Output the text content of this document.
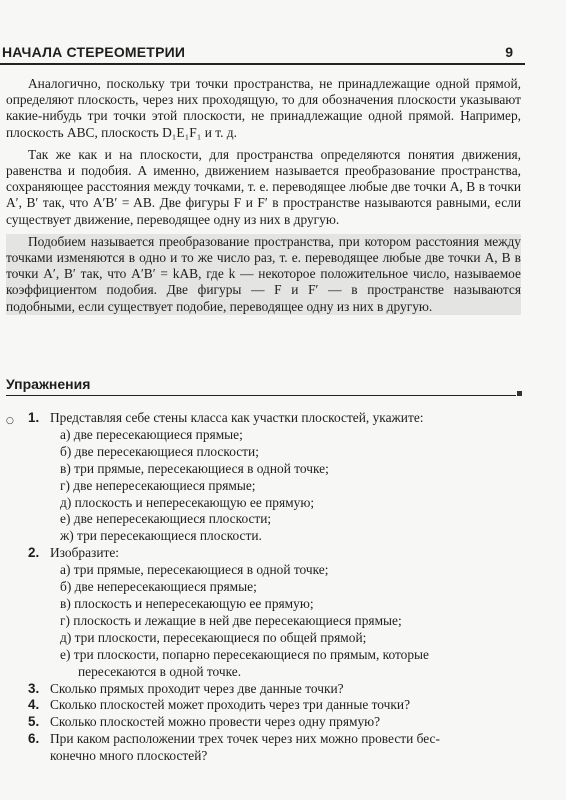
НАЧАЛА СТЕРЕОМЕТРИИ	9

Аналогично, поскольку три точки пространства, не принадлежащие одной прямой, определяют плоскость, через них проходящую, то для обозначения плоскости указывают какие-нибудь три точки этой плоскости, не принадлежащие одной прямой. Например, плоскость ABC, плоскость D₁E₁F₁ и т. д.

Так же как и на плоскости, для пространства определяются понятия движения, равенства и подобия. А именно, движением называется преобразование пространства, сохраняющее расстояния между точками, т. е. переводящее любые две точки A, B в точки A′, B′ так, что A′B′ = AB. Две фигуры F и F′ в пространстве называются равными, если существует движение, переводящее одну из них в другую.

Подобием называется преобразование пространства, при котором расстояния между точками изменяются в одно и то же число раз, т. е. переводящее любые две точки A, B в точки A′, B′ так, что A′B′ = kAB, где k — некоторое положительное число, называемое коэффициентом подобия. Две фигуры — F и F′ — в пространстве называются подобными, если существует подобие, переводящее одну из них в другую.

Упражнения
○	1. Представляя себе стены класса как участки плоскостей, укажите:
а) две пересекающиеся прямые;
б) две пересекающиеся плоскости;
в) три прямые, пересекающиеся в одной точке;
г) две непересекающиеся прямые;
д) плоскость и непересекающую ее прямую;
е) две непересекающиеся плоскости;
ж) три пересекающиеся плоскости.
2. Изобразите:
а) три прямые, пересекающиеся в одной точке;
б) две непересекающиеся прямые;
в) плоскость и непересекающую ее прямую;
г) плоскость и лежащие в ней две пересекающиеся прямые;
д) три плоскости, пересекающиеся по общей прямой;
е) три плоскости, попарно пересекающиеся по прямым, которые
пересекаются в одной точке.
3. Сколько прямых проходит через две данные точки?
4. Сколько плоскостей может проходить через три данные точки?
5. Сколько плоскостей можно провести через одну прямую?
6. При каком расположении трех точек через них можно провести бес-
конечно много плоскостей?
